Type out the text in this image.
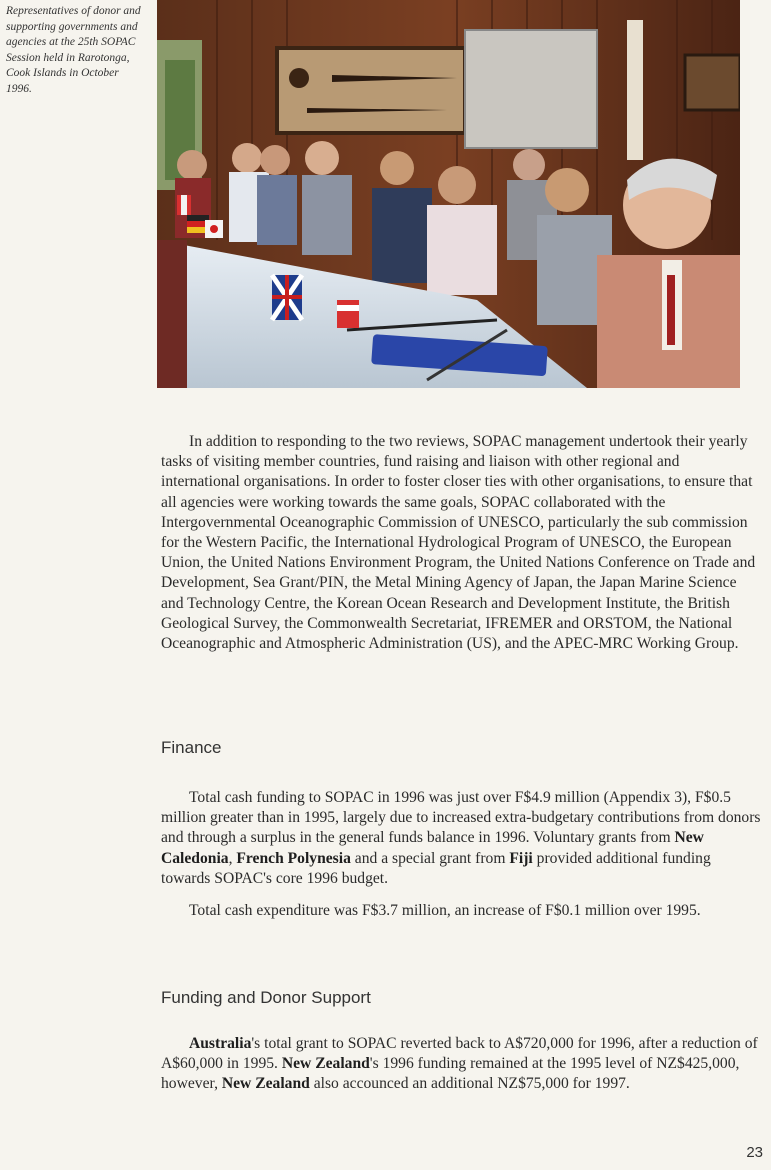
Representatives of donor and supporting governments and agencies at the 25th SOPAC Session held in Rarotonga, Cook Islands in October 1996.

In addition to responding to the two reviews, SOPAC management undertook their yearly tasks of visiting member countries, fund raising and liaison with other regional and international organisations. In order to foster closer ties with other organisations, to ensure that all agencies were working towards the same goals, SOPAC collaborated with the Intergovernmental Oceanographic Commission of UNESCO, particularly the sub commission for the Western Pacific, the International Hydrological Program of UNESCO, the European Union, the United Nations Environment Program, the United Nations Conference on Trade and Development, Sea Grant/PIN, the Metal Mining Agency of Japan, the Japan Marine Science and Technology Centre, the Korean Ocean Research and Development Institute, the British Geological Survey, the Commonwealth Secretariat, IFREMER and ORSTOM, the National Oceanographic and Atmospheric Administration (US), and the APEC-MRC Working Group.

Finance

Total cash funding to SOPAC in 1996 was just over F$4.9 million (Appendix 3), F$0.5 million greater than in 1995, largely due to increased extra-budgetary contributions from donors and through a surplus in the general funds balance in 1996. Voluntary grants from New Caledonia, French Polynesia and a special grant from Fiji provided additional funding towards SOPAC's core 1996 budget.

Total cash expenditure was F$3.7 million, an increase of F$0.1 million over 1995.

Funding and Donor Support

Australia's total grant to SOPAC reverted back to A$720,000 for 1996, after a reduction of A$60,000 in 1995. New Zealand's 1996 funding remained at the 1995 level of NZ$425,000, however, New Zealand also accounced an additional NZ$75,000 for 1997.

23
